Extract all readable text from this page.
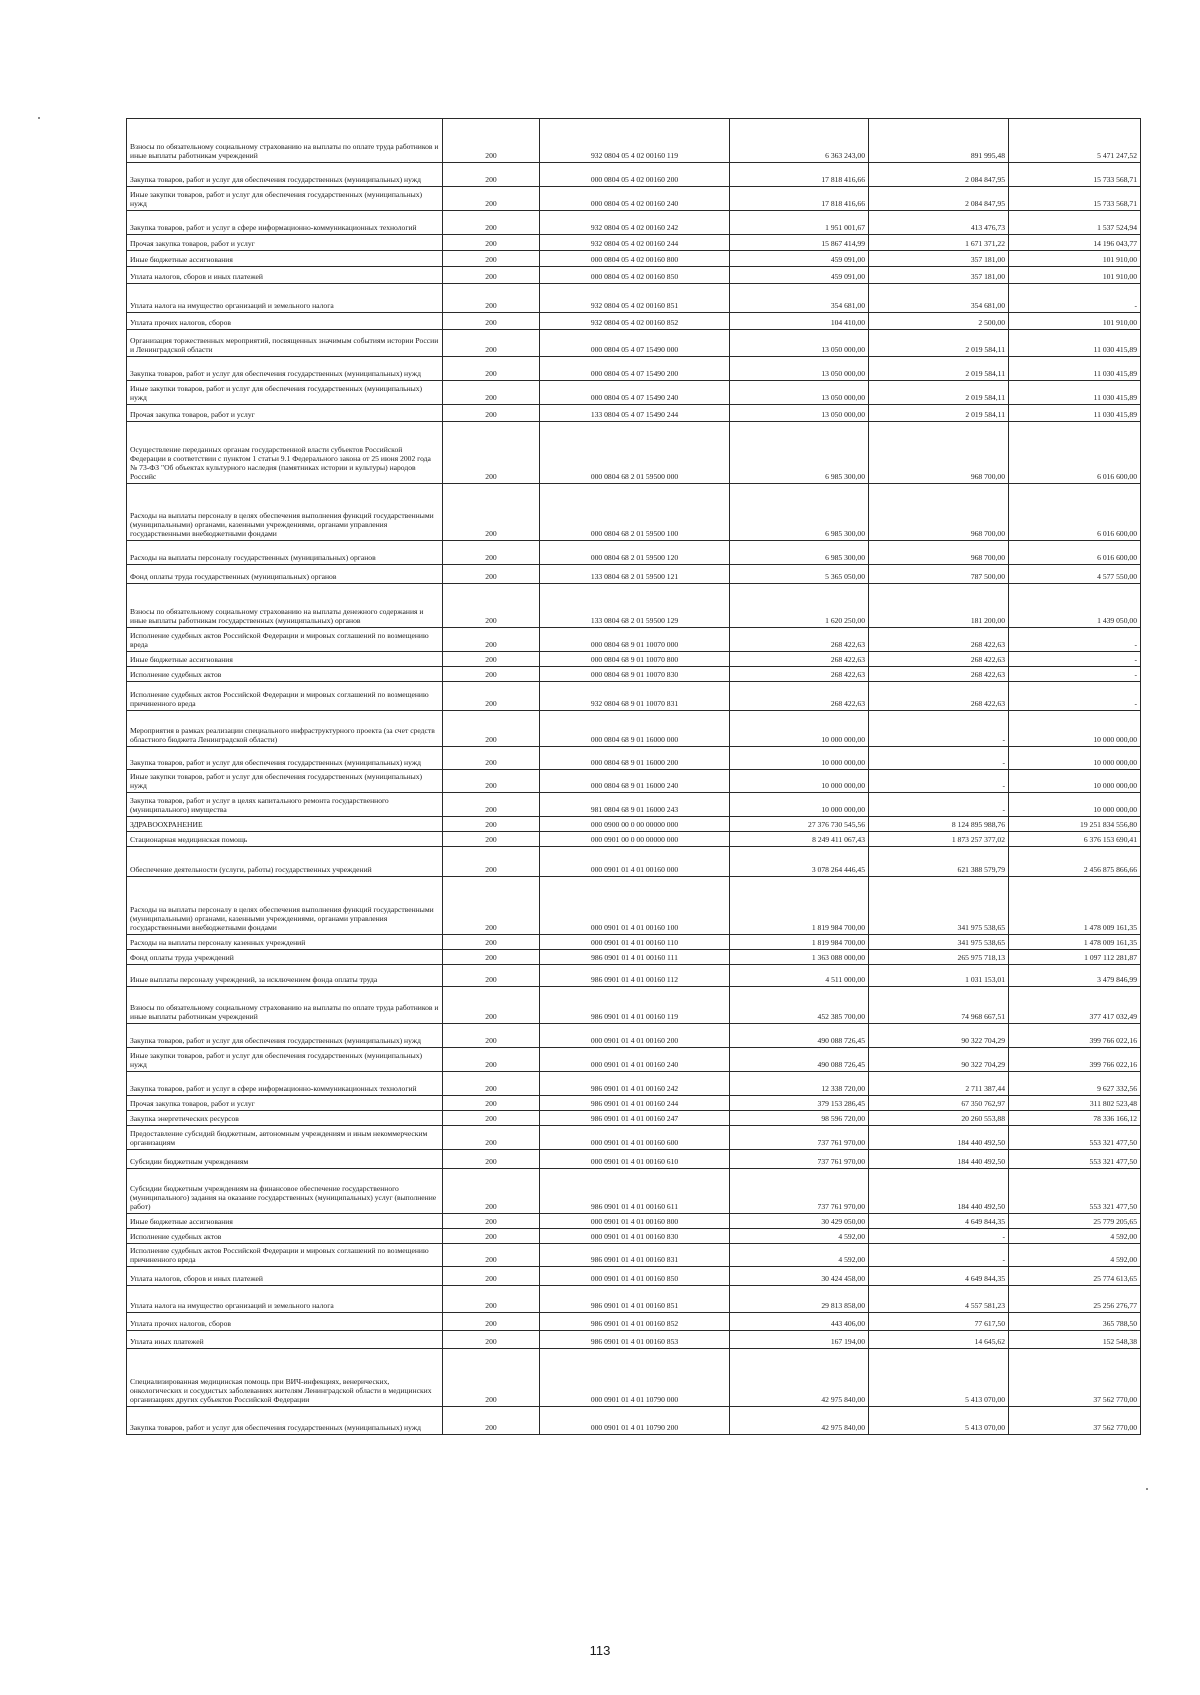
Взносы по обязательному социальному страхованию на выплаты по оплате труда работников и иные выплаты работникам учреждений	200	932 0804 05 4 02 00160 119	6 363 243,00	891 995,48	5 471 247,52
Закупка товаров, работ и услуг для обеспечения государственных (муниципальных) нужд	200	000 0804 05 4 02 00160 200	17 818 416,66	2 084 847,95	15 733 568,71
Иные закупки товаров, работ и услуг для обеспечения государственных (муниципальных) нужд	200	000 0804 05 4 02 00160 240	17 818 416,66	2 084 847,95	15 733 568,71
Закупка товаров, работ и услуг в сфере информационно-коммуникационных технологий	200	932 0804 05 4 02 00160 242	1 951 001,67	413 476,73	1 537 524,94
Прочая закупка товаров, работ и услуг	200	932 0804 05 4 02 00160 244	15 867 414,99	1 671 371,22	14 196 043,77
Иные бюджетные ассигнования	200	000 0804 05 4 02 00160 800	459 091,00	357 181,00	101 910,00
Уплата налогов, сборов и иных платежей	200	000 0804 05 4 02 00160 850	459 091,00	357 181,00	101 910,00
Уплата налога на имущество организаций и земельного налога	200	932 0804 05 4 02 00160 851	354 681,00	354 681,00	-
Уплата прочих налогов, сборов	200	932 0804 05 4 02 00160 852	104 410,00	2 500,00	101 910,00
Организация торжественных мероприятий, посвященных значимым событиям истории России и Ленинградской области	200	000 0804 05 4 07 15490 000	13 050 000,00	2 019 584,11	11 030 415,89
Закупка товаров, работ и услуг для обеспечения государственных (муниципальных) нужд	200	000 0804 05 4 07 15490 200	13 050 000,00	2 019 584,11	11 030 415,89
Иные закупки товаров, работ и услуг для обеспечения государственных (муниципальных) нужд	200	000 0804 05 4 07 15490 240	13 050 000,00	2 019 584,11	11 030 415,89
Прочая закупка товаров, работ и услуг	200	133 0804 05 4 07 15490 244	13 050 000,00	2 019 584,11	11 030 415,89
Осуществление переданных органам государственной власти субъектов Российской Федерации в соответствии с пунктом 1 статьи 9.1 Федерального закона от 25 июня 2002 года № 73-ФЗ "Об объектах культурного наследия (памятниках истории и культуры) народов Российс	200	000 0804 68 2 01 59500 000	6 985 300,00	968 700,00	6 016 600,00
Расходы на выплаты персоналу в целях обеспечения выполнения функций государственными (муниципальными) органами, казенными учреждениями, органами управления государственными внебюджетными фондами	200	000 0804 68 2 01 59500 100	6 985 300,00	968 700,00	6 016 600,00
Расходы на выплаты персоналу государственных (муниципальных) органов	200	000 0804 68 2 01 59500 120	6 985 300,00	968 700,00	6 016 600,00
Фонд оплаты труда государственных (муниципальных) органов	200	133 0804 68 2 01 59500 121	5 365 050,00	787 500,00	4 577 550,00
Взносы по обязательному социальному страхованию на выплаты денежного содержания и иные выплаты работникам государственных (муниципальных) органов	200	133 0804 68 2 01 59500 129	1 620 250,00	181 200,00	1 439 050,00
Исполнение судебных актов Российской Федерации и мировых соглашений по возмещению вреда	200	000 0804 68 9 01 10070 000	268 422,63	268 422,63	-
Иные бюджетные ассигнования	200	000 0804 68 9 01 10070 800	268 422,63	268 422,63	-
Исполнение судебных актов	200	000 0804 68 9 01 10070 830	268 422,63	268 422,63	-
Исполнение судебных актов Российской Федерации и мировых соглашений по возмещению причиненного вреда	200	932 0804 68 9 01 10070 831	268 422,63	268 422,63	-
Мероприятия в рамках реализации специального инфраструктурного проекта (за счет средств областного бюджета Ленинградской области)	200	000 0804 68 9 01 16000 000	10 000 000,00	-	10 000 000,00
Закупка товаров, работ и услуг для обеспечения государственных (муниципальных) нужд	200	000 0804 68 9 01 16000 200	10 000 000,00	-	10 000 000,00
Иные закупки товаров, работ и услуг для обеспечения государственных (муниципальных) нужд	200	000 0804 68 9 01 16000 240	10 000 000,00	-	10 000 000,00
Закупка товаров, работ и услуг в целях капитального ремонта государственного (муниципального) имущества	200	981 0804 68 9 01 16000 243	10 000 000,00	-	10 000 000,00
ЗДРАВООХРАНЕНИЕ	200	000 0900 00 0 00 00000 000	27 376 730 545,56	8 124 895 988,76	19 251 834 556,80
Стационарная медицинская помощь	200	000 0901 00 0 00 00000 000	8 249 411 067,43	1 873 257 377,02	6 376 153 690,41
Обеспечение деятельности (услуги, работы) государственных учреждений	200	000 0901 01 4 01 00160 000	3 078 264 446,45	621 388 579,79	2 456 875 866,66
Расходы на выплаты персоналу в целях обеспечения выполнения функций государственными (муниципальными) органами, казенными учреждениями, органами управления государственными внебюджетными фондами	200	000 0901 01 4 01 00160 100	1 819 984 700,00	341 975 538,65	1 478 009 161,35
Расходы на выплаты персоналу казенных учреждений	200	000 0901 01 4 01 00160 110	1 819 984 700,00	341 975 538,65	1 478 009 161,35
Фонд оплаты труда учреждений	200	986 0901 01 4 01 00160 111	1 363 088 000,00	265 975 718,13	1 097 112 281,87
Иные выплаты персоналу учреждений, за исключением фонда оплаты труда	200	986 0901 01 4 01 00160 112	4 511 000,00	1 031 153,01	3 479 846,99
Взносы по обязательному социальному страхованию на выплаты по оплате труда работников и иные выплаты работникам учреждений	200	986 0901 01 4 01 00160 119	452 385 700,00	74 968 667,51	377 417 032,49
Закупка товаров, работ и услуг для обеспечения государственных (муниципальных) нужд	200	000 0901 01 4 01 00160 200	490 088 726,45	90 322 704,29	399 766 022,16
Иные закупки товаров, работ и услуг для обеспечения государственных (муниципальных) нужд	200	000 0901 01 4 01 00160 240	490 088 726,45	90 322 704,29	399 766 022,16
Закупка товаров, работ и услуг в сфере информационно-коммуникационных технологий	200	986 0901 01 4 01 00160 242	12 338 720,00	2 711 387,44	9 627 332,56
Прочая закупка товаров, работ и услуг	200	986 0901 01 4 01 00160 244	379 153 286,45	67 350 762,97	311 802 523,48
Закупка энергетических ресурсов	200	986 0901 01 4 01 00160 247	98 596 720,00	20 260 553,88	78 336 166,12
Предоставление субсидий бюджетным, автономным учреждениям и иным некоммерческим организациям	200	000 0901 01 4 01 00160 600	737 761 970,00	184 440 492,50	553 321 477,50
Субсидии бюджетным учреждениям	200	000 0901 01 4 01 00160 610	737 761 970,00	184 440 492,50	553 321 477,50
Субсидии бюджетным учреждениям на финансовое обеспечение государственного (муниципального) задания на оказание государственных (муниципальных) услуг (выполнение работ)	200	986 0901 01 4 01 00160 611	737 761 970,00	184 440 492,50	553 321 477,50
Иные бюджетные ассигнования	200	000 0901 01 4 01 00160 800	30 429 050,00	4 649 844,35	25 779 205,65
Исполнение судебных актов	200	000 0901 01 4 01 00160 830	4 592,00	-	4 592,00
Исполнение судебных актов Российской Федерации и мировых соглашений по возмещению причиненного вреда	200	986 0901 01 4 01 00160 831	4 592,00	-	4 592,00
Уплата налогов, сборов и иных платежей	200	000 0901 01 4 01 00160 850	30 424 458,00	4 649 844,35	25 774 613,65
Уплата налога на имущество организаций и земельного налога	200	986 0901 01 4 01 00160 851	29 813 858,00	4 557 581,23	25 256 276,77
Уплата прочих налогов, сборов	200	986 0901 01 4 01 00160 852	443 406,00	77 617,50	365 788,50
Уплата иных платежей	200	986 0901 01 4 01 00160 853	167 194,00	14 645,62	152 548,38
Специализированная медицинская помощь при ВИЧ-инфекциях, венерических, онкологических и сосудистых заболеваниях жителям Ленинградской области в медицинских организациях других субъектов Российской Федерации	200	000 0901 01 4 01 10790 000	42 975 840,00	5 413 070,00	37 562 770,00
Закупка товаров, работ и услуг для обеспечения государственных (муниципальных) нужд	200	000 0901 01 4 01 10790 200	42 975 840,00	5 413 070,00	37 562 770,00
113
